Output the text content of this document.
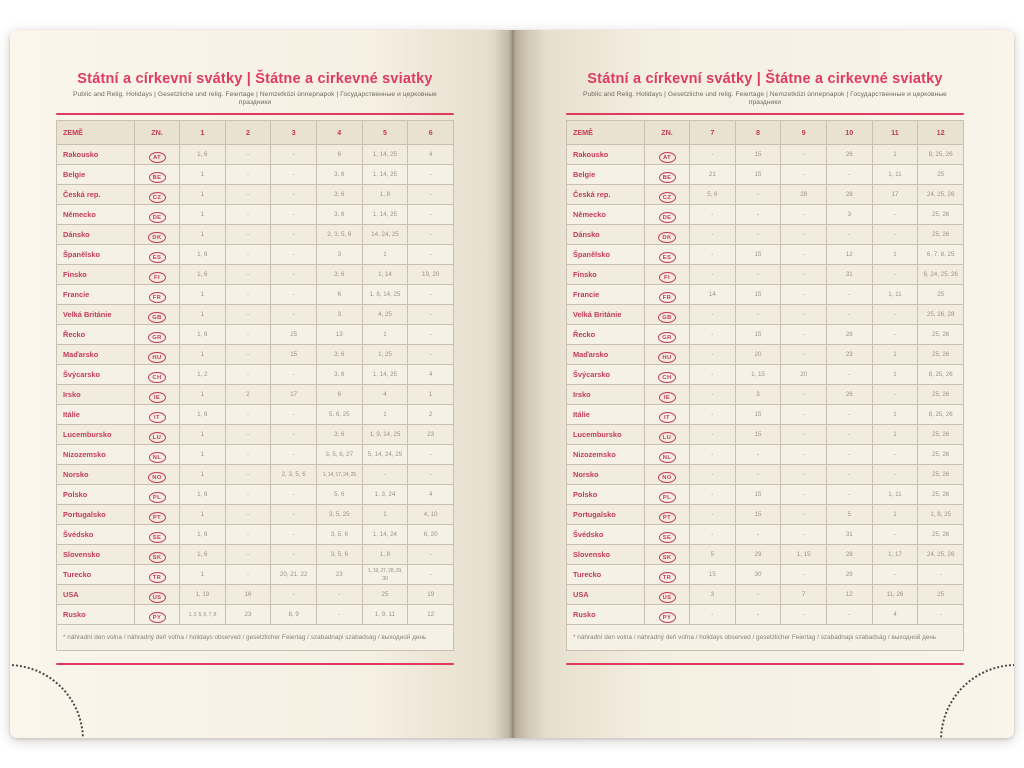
Státní a církevní svátky | Štátne a cirkevné sviatky
Public and Relig. Holidays | Gesetzliche und relig. Feiertage | Nemzetközi ünnepnapok | Государственные и церковные праздники
ZEMĚ	ZN.	1	2	3	4	5	6
Rakousko	AT	1, 6	-	-	6	1, 14, 25	4
Belgie	BE	1	-	-	3, 6	1, 14, 25	-
Česká rep.	CZ	1	-	-	3, 6	1, 8	-
Německo	DE	1	-	-	3, 6	1, 14, 25	-
Dánsko	DK	1	-	-	2, 3, 5, 6	14, 24, 25	-
Španělsko	ES	1, 6	-	-	3	1	-
Finsko	FI	1, 6	-	-	3, 6	1, 14	19, 20
Francie	FR	1	-	-	6	1, 8, 14, 25	-
Velká Británie	GB	1	-	-	3	4, 25	-
Řecko	GR	1, 6	-	25	13	1	-
Maďarsko	HU	1	-	15	3, 6	1, 25	-
Švýcarsko	CH	1, 2	-	-	3, 6	1, 14, 25	4
Irsko	IE	1	2	17	6	4	1
Itálie	IT	1, 6	-	-	5, 6, 25	1	2
Lucembursko	LU	1	-	-	3, 6	1, 9, 14, 25	23
Nizozemsko	NL	1	-	-	3, 5, 6, 27	5, 14, 24, 25	-
Norsko	NO	1	-	2, 3, 5, 6	1, 14, 17, 24, 25	-	-
Polsko	PL	1, 6	-	-	5, 6	1, 3, 24	4
Portugalsko	PT	1	-	-	3, 5, 25	1	4, 10
Švédsko	SE	1, 6	-	-	3, 5, 6	1, 14, 24	6, 20
Slovensko	SK	1, 6	-	-	3, 5, 6	1, 8	-
Turecko	TR	1	-	20, 21, 22	23	1, 19, 27, 28, 29, 30	-
USA	US	1, 19	16	-	-	25	19
Rusko	PY	1, 2, 5, 6, 7, 8	23	8, 9	-	1, 9, 11	12
* náhradní den volna / náhradný deň voľna / holidays observed / gesetzlicher Feiertag / szabadnapi szabadság / выходной день							
Státní a církevní svátky | Štátne a cirkevné sviatky
Public and Relig. Holidays | Gesetzliche und relig. Feiertage | Nemzetközi ünnepnapok | Государственные и церковные праздники
ZEMĚ	ZN.	7	8	9	10	11	12
Rakousko	AT	-	15	-	26	1	8, 25, 26
Belgie	BE	21	15	-	-	1, 11	25
Česká rep.	CZ	5, 6	-	28	28	17	24, 25, 26
Německo	DE	-	-	-	3	-	25, 26
Dánsko	DK	-	-	-	-	-	25, 26
Španělsko	ES	-	15	-	12	1	6, 7, 8, 25
Finsko	FI	-	-	-	31	-	6, 24, 25, 26
Francie	FR	14	15	-	-	1, 11	25
Velká Británie	GB	-	-	-	-	-	25, 26, 28
Řecko	GR	-	15	-	28	-	25, 26
Maďarsko	HU	-	20	-	23	1	25, 26
Švýcarsko	CH	-	1, 15	20	-	1	8, 25, 26
Irsko	IE	-	3	-	26	-	25, 26
Itálie	IT	-	15	-	-	1	8, 25, 26
Lucembursko	LU	-	15	-	-	1	25, 26
Nizozemsko	NL	-	-	-	-	-	25, 26
Norsko	NO	-	-	-	-	-	25, 26
Polsko	PL	-	15	-	-	1, 11	25, 26
Portugalsko	PT	-	15	-	5	1	1, 8, 25
Švédsko	SE	-	-	-	31	-	25, 26
Slovensko	SK	5	29	1, 15	28	1, 17	24, 25, 26
Turecko	TR	15	30	-	29	-	-
USA	US	3	-	7	12	11, 26	25
Rusko	PY	-	-	-	-	4	-
* náhradní den volna / náhradný deň voľna / holidays observed / gesetzlicher Feiertag / szabadnapi szabadság / выходной день							
